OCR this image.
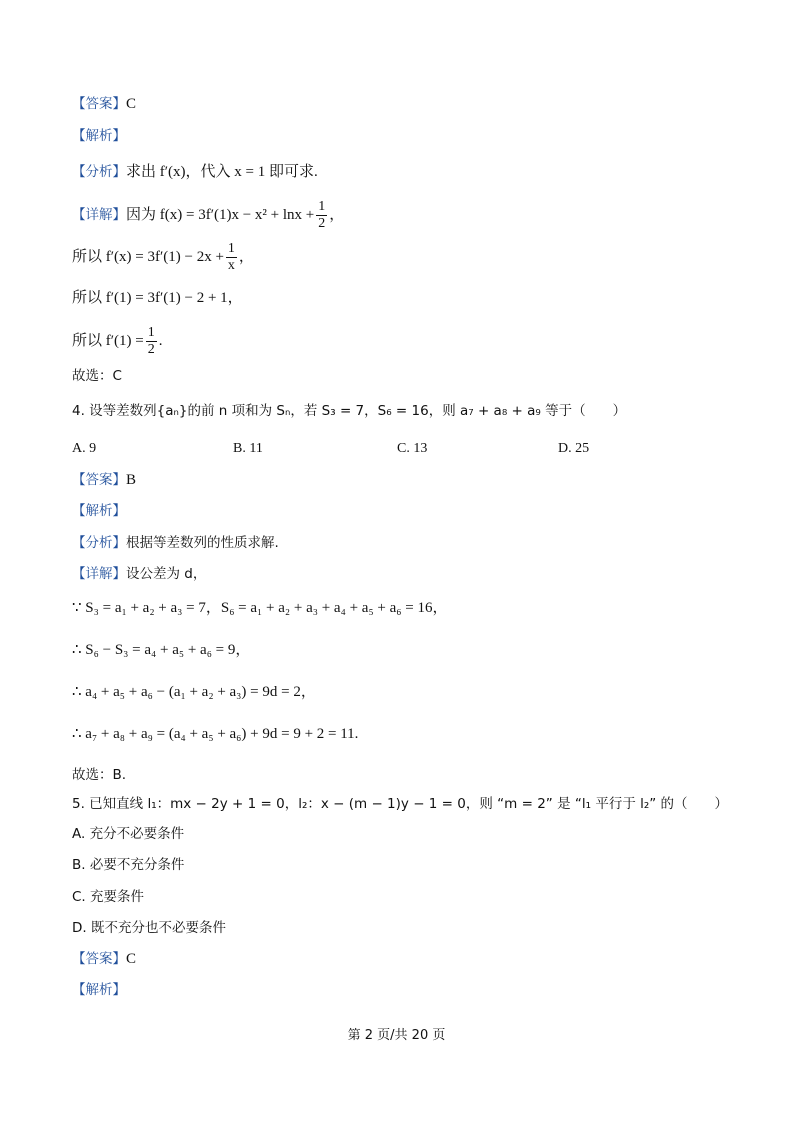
【答案】C
【解析】
【分析】求出 f′(x)，代入 x = 1 即可求.
【详解】因为 $f(x) = 3f'(1)x - x^2 + \ln x + \frac{1}{2}$ ，
所以 $f'(x) = 3f'(1) - 2x + \frac{1}{x}$ ，
所以 f′(1) = 3f′(1) − 2 + 1，
所以 $f'(1) = \frac{1}{2}$ .
故选：C
4. 设等差数列{aₙ}的前 n 项和为 Sₙ，若 S₃ = 7，S₆ = 16，则 a₇ + a₈ + a₉ 等于（　　）
A. 9	B. 11	C. 13	D. 25
【答案】B
【解析】
【分析】根据等差数列的性质求解.
【详解】设公差为 d，
∵ S₃ = a₁ + a₂ + a₃ = 7，S₆ = a₁ + a₂ + a₃ + a₄ + a₅ + a₆ = 16，
∴ S₆ − S₃ = a₄ + a₅ + a₆ = 9，
∴ a₄ + a₅ + a₆ − (a₁ + a₂ + a₃) = 9d = 2，
∴ a₇ + a₈ + a₉ = (a₄ + a₅ + a₆) + 9d = 9 + 2 = 11.
故选：B.
5. 已知直线 l₁：mx − 2y + 1 = 0，l₂：x − (m − 1)y − 1 = 0，则 “m = 2” 是 “l₁ 平行于 l₂” 的（　　）
A. 充分不必要条件
B. 必要不充分条件
C. 充要条件
D. 既不充分也不必要条件
【答案】C
【解析】
第 2 页/共 20 页
